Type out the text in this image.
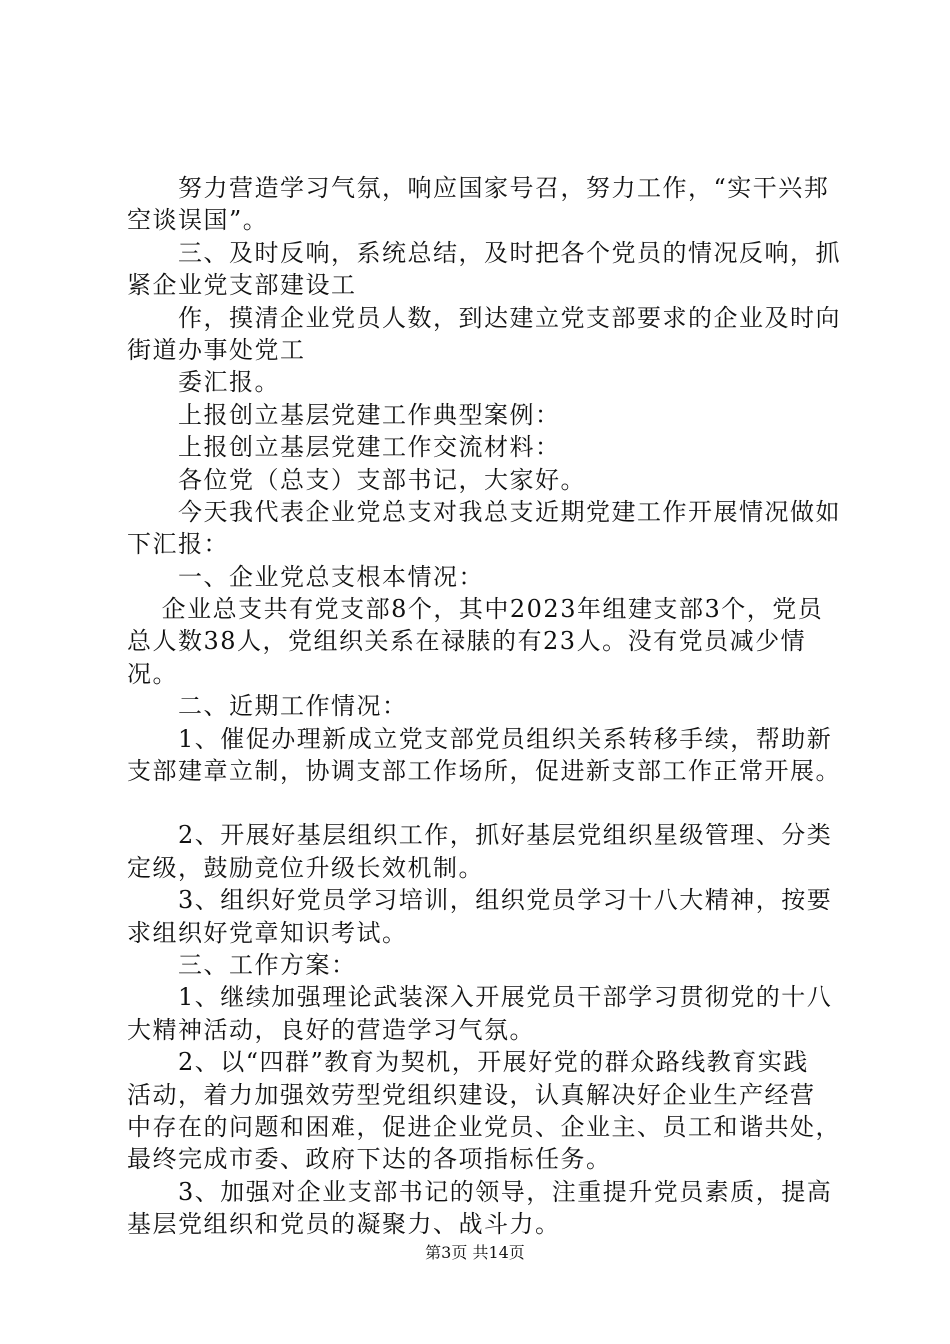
　　努力营造学习气氛，响应国家号召，努力工作，“实干兴邦
空谈误国”。
　　三、及时反响，系统总结，及时把各个党员的情况反响，抓
紧企业党支部建设工
　　作，摸清企业党员人数，到达建立党支部要求的企业及时向
街道办事处党工
　　委汇报。
　　上报创立基层党建工作典型案例：
　　上报创立基层党建工作交流材料：
　　各位党（总支）支部书记，大家好。
　　今天我代表企业党总支对我总支近期党建工作开展情况做如
下汇报：
　　一、企业党总支根本情况：
　 企业总支共有党支部8个，其中2023年组建支部3个，党员
总人数38人，党组织关系在禄脿的有23人。没有党员减少情
况。
　　二、近期工作情况：
　　1、催促办理新成立党支部党员组织关系转移手续，帮助新
支部建章立制，协调支部工作场所，促进新支部工作正常开展。
　　2、开展好基层组织工作，抓好基层党组织星级管理、分类
定级，鼓励竞位升级长效机制。
　　3、组织好党员学习培训，组织党员学习十八大精神，按要
求组织好党章知识考试。
　　三、工作方案：
　　1、继续加强理论武装深入开展党员干部学习贯彻党的十八
大精神活动，良好的营造学习气氛。
　　2、以“四群”教育为契机，开展好党的群众路线教育实践
活动，着力加强效劳型党组织建设，认真解决好企业生产经营
中存在的问题和困难，促进企业党员、企业主、员工和谐共处，
最终完成市委、政府下达的各项指标任务。
　　3、加强对企业支部书记的领导，注重提升党员素质，提高
基层党组织和党员的凝聚力、战斗力。
第3页 共14页
